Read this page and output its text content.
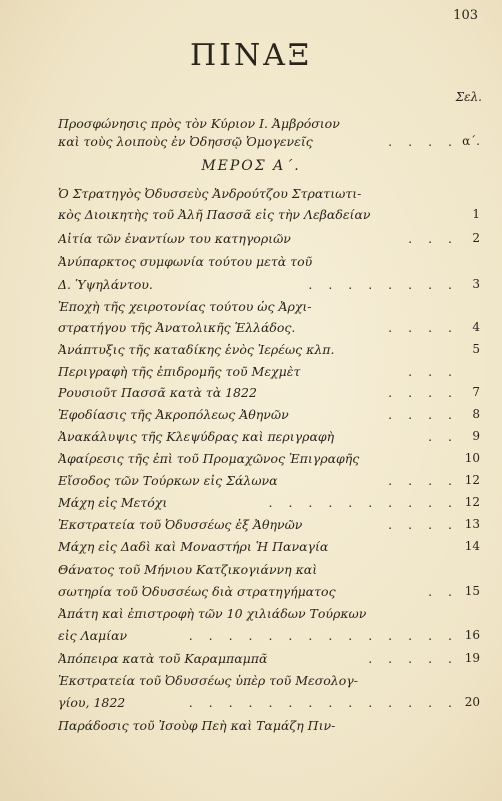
103
ΠΙΝΑΞ
Σελ.
Προσφώνησις πρὸς τὸν Κύριον Ι. Ἀμβρόσιον
καὶ τοὺς λοιποὺς ἐν Ὀδησσῷ Ὁμογενεῖς	. . . . α΄.
ΜΕΡΟΣ Α΄.
Ὁ Στρατηγὸς Ὀδυσσεὺς Ἀνδρούτζου Στρατιωτι-
κὸς Διοικητὴς τοῦ Ἀλῆ Πασσᾶ εἰς τὴν Λεβαδείαν	1
Αἰτία τῶν ἐναντίων του κατηγοριῶν	. . . 2
Ἀνύπαρκτος συμφωνία τούτου μετὰ τοῦ
Δ. Ὑψηλάντου.	. . . . . . . . 3
Ἐποχὴ τῆς χειροτονίας τούτου ὡς Ἀρχι-
στρατήγου τῆς Ἀνατολικῆς Ἑλλάδος.	. . . . 4
Ἀνάπτυξις τῆς καταδίκης ἑνὸς Ἱερέως κλπ.	5
Περιγραφὴ τῆς ἐπιδρομῆς τοῦ Μεχμὲτ	. . .
Ρουσιοῦτ Πασσᾶ κατὰ τὰ 1822	. . . . 7
Ἐφοδίασις τῆς Ἀκροπόλεως Ἀθηνῶν	. . . . 8
Ἀνακάλυψις τῆς Κλεψύδρας καὶ περιγραφὴ	. . 9
Ἀφαίρεσις τῆς ἐπὶ τοῦ Προμαχῶνος Ἐπιγραφῆς	10
Εἴσοδος τῶν Τούρκων εἰς Σάλωνα	. . . . 12
Μάχη εἰς Μετόχι	. . . . . . . . . . 12
Ἐκστρατεία τοῦ Ὀδυσσέως ἐξ Ἀθηνῶν	. . . . 13
Μάχη εἰς Δαδὶ καὶ Μοναστήρι Ἡ Παναγία	14
Θάνατος τοῦ Μήνιου Κατζικογιάννη καὶ
σωτηρία τοῦ Ὀδυσσέως διὰ στρατηγήματος	. . 15
Ἀπάτη καὶ ἐπιστροφὴ τῶν 10 χιλιάδων Τούρκων
εἰς Λαμίαν	. . . . . . . . . . . . . . 16
Ἀπόπειρα κατὰ τοῦ Καραμπαμπᾶ	. . . . . 19
Ἐκστρατεία τοῦ Ὀδυσσέως ὑπὲρ τοῦ Μεσολογ-
γίου, 1822	. . . . . . . . . . . . . . 20
Παράδοσις τοῦ Ἰσοὺφ Πεὴ καὶ Ταμάζη Πιν-
